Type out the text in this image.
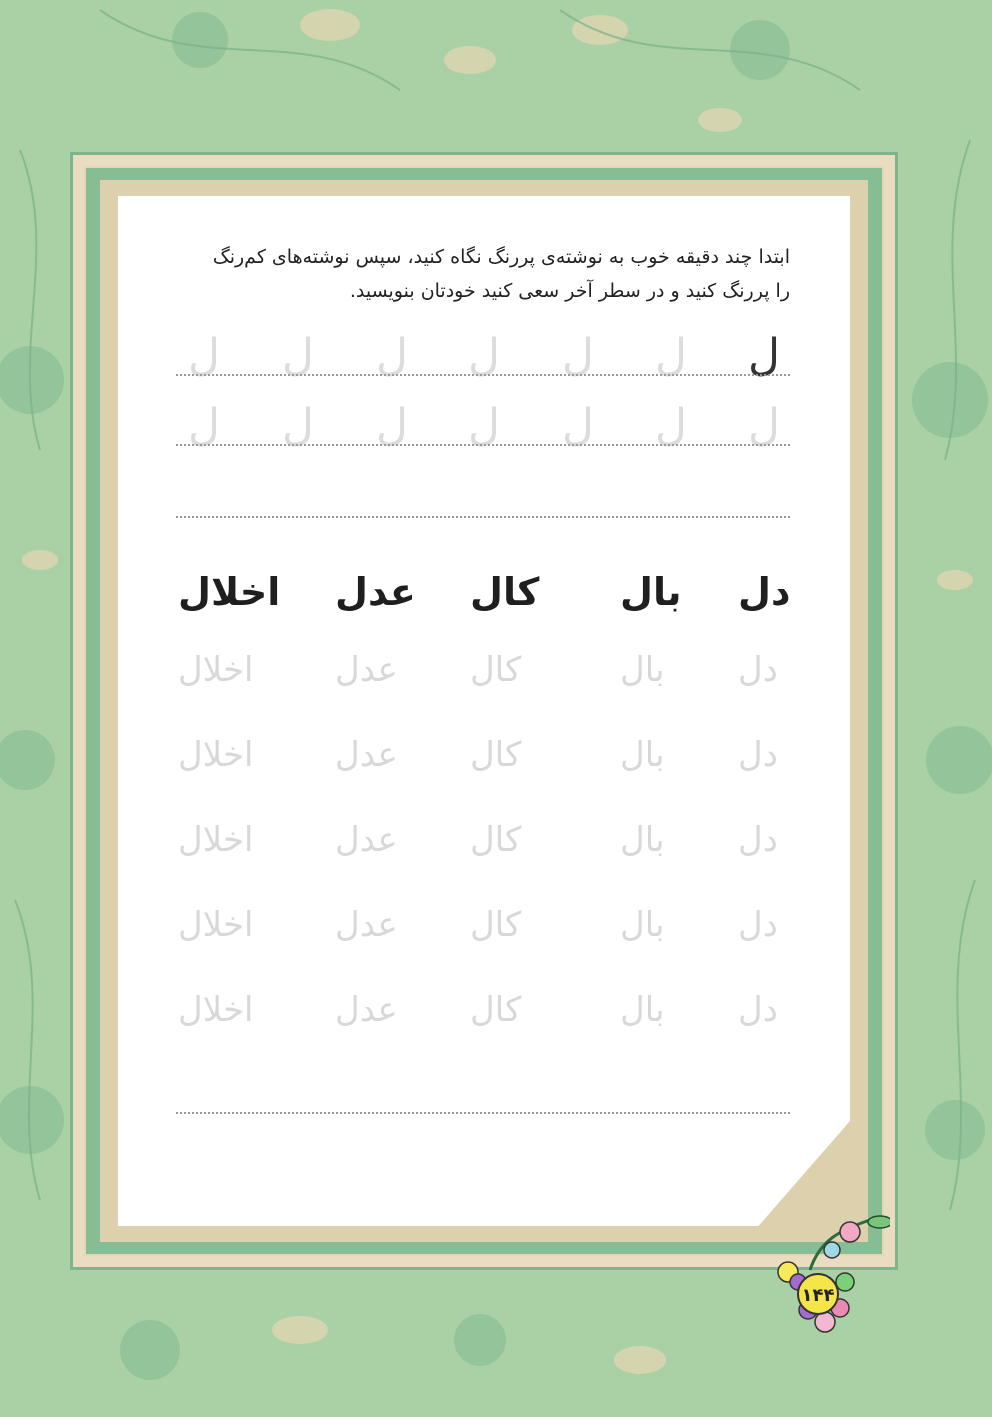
ابتدا چند دقیقه خوب به نوشته‌ی پررنگ نگاه کنید، سپس نوشته‌های کم‌رنگ

را پررنگ کنید و در سطر آخر سعی کنید خودتان بنویسید.

ل
ل
ل
ل
ل
ل
ل
ل
ل
ل
ل
ل
ل
ل
دل
بال
کال
عدل
اخلال
دل
بال
کال
عدل
اخلال
دل
بال
کال
عدل
اخلال
دل
بال
کال
عدل
اخلال
دل
بال
کال
عدل
اخلال
دل
بال
کال
عدل
اخلال
۱۴۴
